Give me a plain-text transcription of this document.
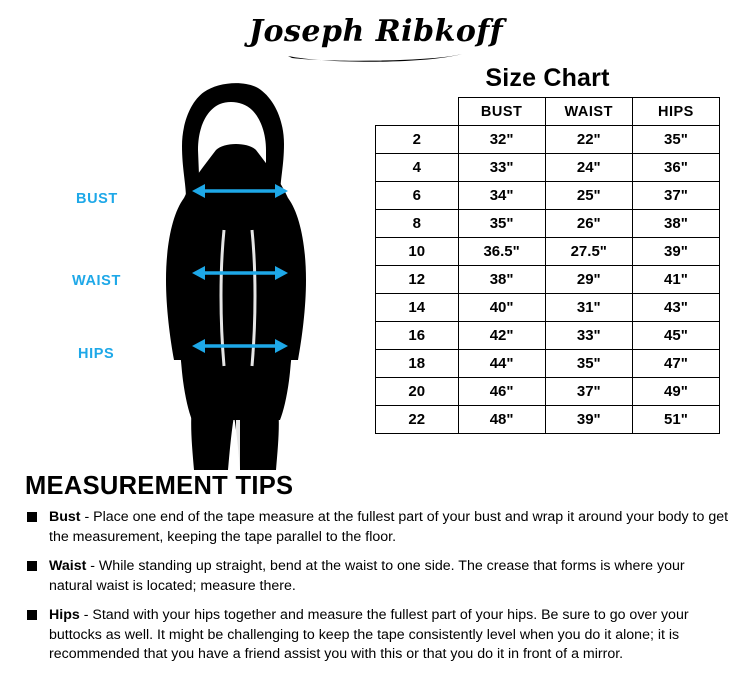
Joseph Ribkoff
BUST
WAIST
HIPS
Size Chart
	BUST	WAIST	HIPS
2	32"	22"	35"
4	33"	24"	36"
6	34"	25"	37"
8	35"	26"	38"
10	36.5"	27.5"	39"
12	38"	29"	41"
14	40"	31"	43"
16	42"	33"	45"
18	44"	35"	47"
20	46"	37"	49"
22	48"	39"	51"
MEASUREMENT TIPS
Bust - Place one end of the tape measure at the fullest part of your bust and wrap it around your body to get the measurement, keeping the tape parallel to the floor.
Waist - While standing up straight, bend at the waist to one side. The crease that forms is where your natural waist is located; measure there.
Hips - Stand with your hips together and measure the fullest part of your hips. Be sure to go over your buttocks as well. It might be challenging to keep the tape consistently level when you do it alone; it is recommended that you have a friend assist you with this or that you do it in front of a mirror.
